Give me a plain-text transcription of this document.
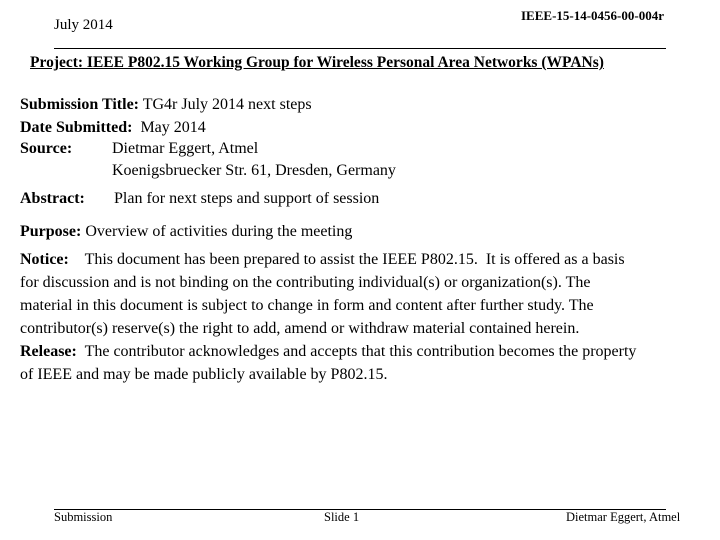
July 2014
IEEE-15-14-0456-00-004r
Project: IEEE P802.15 Working Group for Wireless Personal Area Networks (WPANs)
Submission Title: TG4r July 2014 next steps
Date Submitted:  May 2014
Source: Dietmar Eggert, Atmel
Koenigsbruecker Str. 61, Dresden, Germany
Abstract: Plan for next steps and support of session
Purpose: Overview of activities during the meeting
Notice:    This document has been prepared to assist the IEEE P802.15.  It is offered as a basis
for discussion and is not binding on the contributing individual(s) or organization(s). The
material in this document is subject to change in form and content after further study. The
contributor(s) reserve(s) the right to add, amend or withdraw material contained herein.
Release:  The contributor acknowledges and accepts that this contribution becomes the property
of IEEE and may be made publicly available by P802.15.
Submission	Slide 1	Dietmar Eggert, Atmel
